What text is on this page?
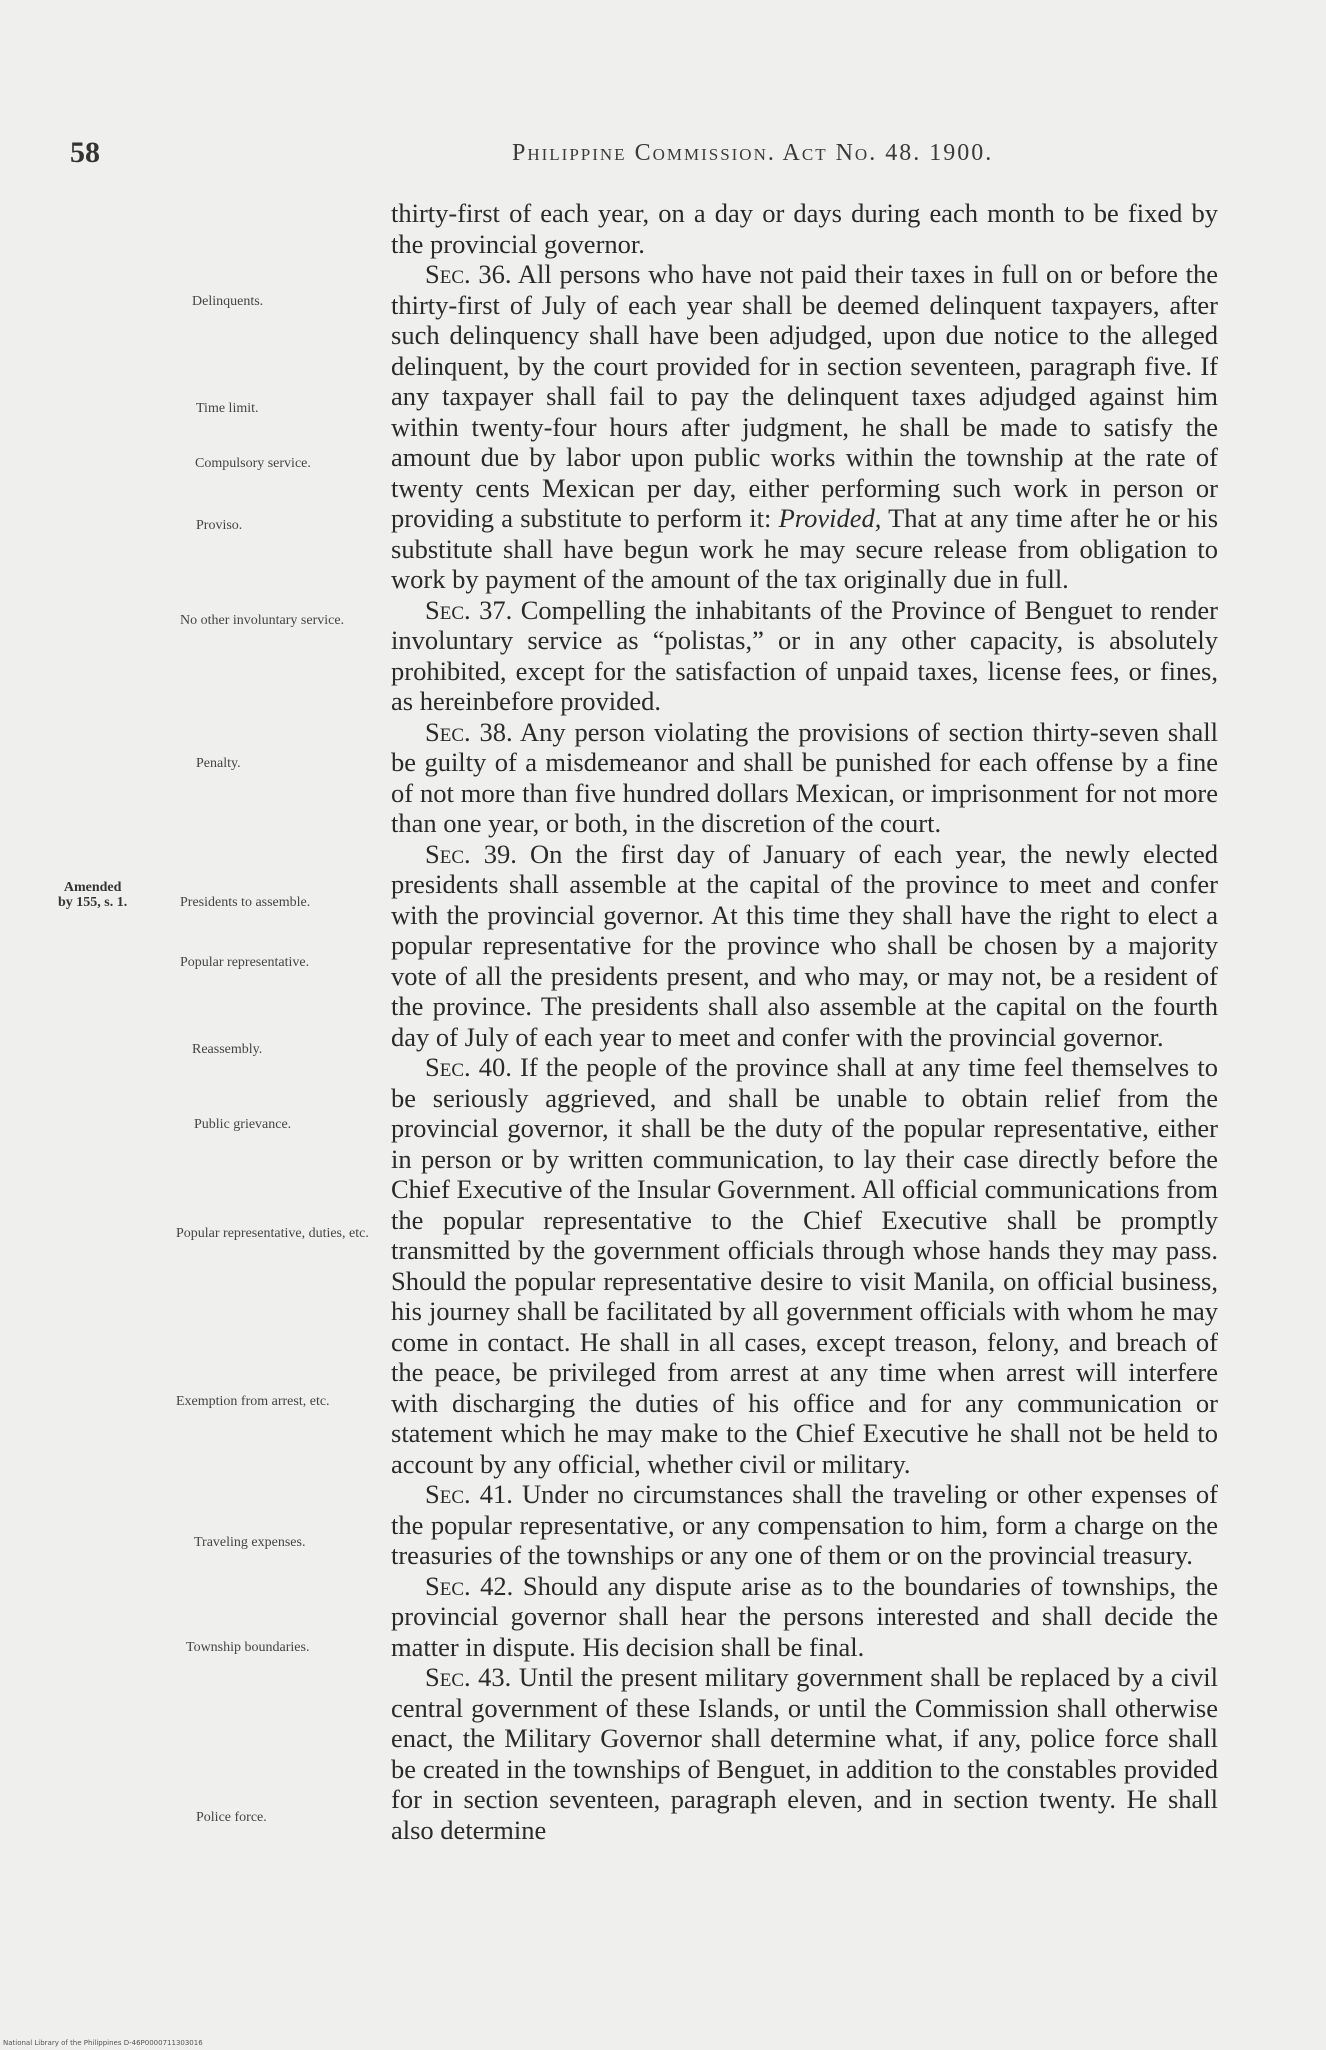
58	Philippine Commission. Act No. 48. 1900.
Delinquents.
Time limit.
Compulsory service.
Proviso.
No other involuntary service.
Penalty.
Amended
by 155, s. 1.	Presidents to assemble.
Popular representative.
Reassembly.
Public grievance.
Popular representative, duties, etc.
Exemption from arrest, etc.
Traveling expenses.
Township boundaries.
Police force.

thirty-first of each year, on a day or days during each month to be fixed by the provincial governor.

Sec. 36. All persons who have not paid their taxes in full on or before the thirty-first of July of each year shall be deemed delinquent taxpayers, after such delinquency shall have been adjudged, upon due notice to the alleged delinquent, by the court provided for in section seventeen, paragraph five. If any taxpayer shall fail to pay the delinquent taxes adjudged against him within twenty-four hours after judgment, he shall be made to satisfy the amount due by labor upon public works within the township at the rate of twenty cents Mexican per day, either performing such work in person or providing a substitute to perform it: Provided, That at any time after he or his substitute shall have begun work he may secure release from obligation to work by payment of the amount of the tax originally due in full.

Sec. 37. Compelling the inhabitants of the Province of Benguet to render involuntary service as “polistas,” or in any other capacity, is absolutely prohibited, except for the satisfaction of unpaid taxes, license fees, or fines, as hereinbefore provided.

Sec. 38. Any person violating the provisions of section thirty-seven shall be guilty of a misdemeanor and shall be punished for each offense by a fine of not more than five hundred dollars Mexican, or imprisonment for not more than one year, or both, in the discretion of the court.

Sec. 39. On the first day of January of each year, the newly elected presidents shall assemble at the capital of the province to meet and confer with the provincial governor. At this time they shall have the right to elect a popular representative for the province who shall be chosen by a majority vote of all the presidents present, and who may, or may not, be a resident of the province. The presidents shall also assemble at the capital on the fourth day of July of each year to meet and confer with the provincial governor.

Sec. 40. If the people of the province shall at any time feel themselves to be seriously aggrieved, and shall be unable to obtain relief from the provincial governor, it shall be the duty of the popular representative, either in person or by written communication, to lay their case directly before the Chief Executive of the Insular Government. All official communications from the popular representative to the Chief Executive shall be promptly transmitted by the government officials through whose hands they may pass. Should the popular representative desire to visit Manila, on official business, his journey shall be facilitated by all government officials with whom he may come in contact. He shall in all cases, except treason, felony, and breach of the peace, be privileged from arrest at any time when arrest will interfere with discharging the duties of his office and for any communication or statement which he may make to the Chief Executive he shall not be held to account by any official, whether civil or military.

Sec. 41. Under no circumstances shall the traveling or other expenses of the popular representative, or any compensation to him, form a charge on the treasuries of the townships or any one of them or on the provincial treasury.

Sec. 42. Should any dispute arise as to the boundaries of townships, the provincial governor shall hear the persons interested and shall decide the matter in dispute. His decision shall be final.

Sec. 43. Until the present military government shall be replaced by a civil central government of these Islands, or until the Commission shall otherwise enact, the Military Governor shall determine what, if any, police force shall be created in the townships of Benguet, in addition to the constables provided for in section seventeen, paragraph eleven, and in section twenty. He shall also determine

National Library of the Philippines D-46P0000711303016
